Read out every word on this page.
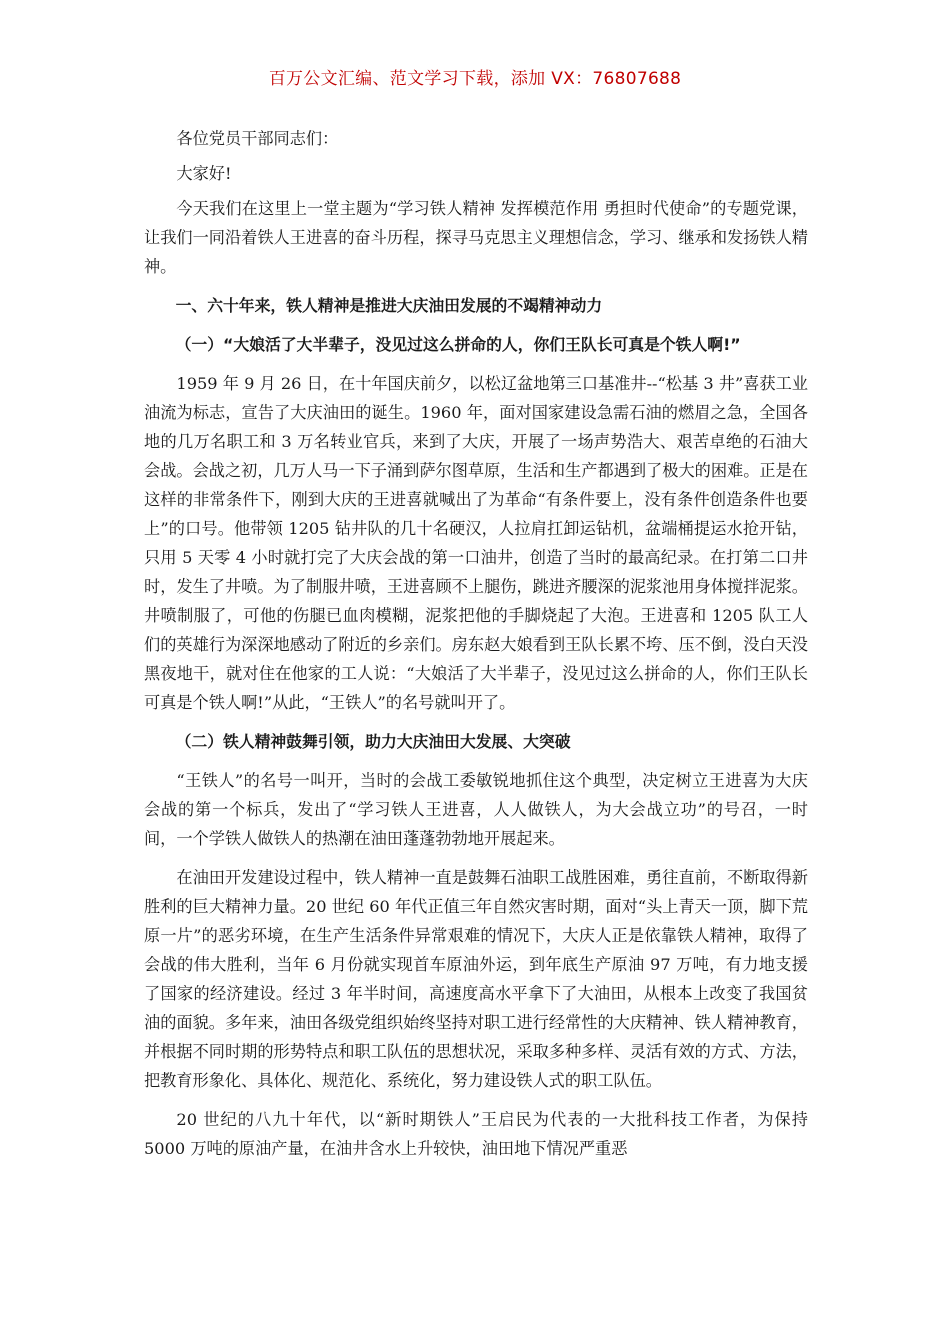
百万公文汇编、范文学习下载，添加 VX：76807688

各位党员干部同志们：

大家好!

今天我们在这里上一堂主题为“学习铁人精神 发挥模范作用 勇担时代使命”的专题党课，让我们一同沿着铁人王进喜的奋斗历程，探寻马克思主义理想信念，学习、继承和发扬铁人精神。

一、六十年来，铁人精神是推进大庆油田发展的不竭精神动力

（一）“大娘活了大半辈子，没见过这么拼命的人，你们王队长可真是个铁人啊!”

1959 年 9 月 26 日，在十年国庆前夕，以松辽盆地第三口基准井--“松基 3 井”喜获工业油流为标志，宣告了大庆油田的诞生。1960 年，面对国家建设急需石油的燃眉之急，全国各地的几万名职工和 3 万名转业官兵，来到了大庆，开展了一场声势浩大、艰苦卓绝的石油大会战。会战之初，几万人马一下子涌到萨尔图草原，生活和生产都遇到了极大的困难。正是在这样的非常条件下，刚到大庆的王进喜就喊出了为革命“有条件要上，没有条件创造条件也要上”的口号。他带领 1205 钻井队的几十名硬汉，人拉肩扛卸运钻机，盆端桶提运水抢开钻，只用 5 天零 4 小时就打完了大庆会战的第一口油井，创造了当时的最高纪录。在打第二口井时，发生了井喷。为了制服井喷，王进喜顾不上腿伤，跳进齐腰深的泥浆池用身体搅拌泥浆。井喷制服了，可他的伤腿已血肉模糊，泥浆把他的手脚烧起了大泡。王进喜和 1205 队工人们的英雄行为深深地感动了附近的乡亲们。房东赵大娘看到王队长累不垮、压不倒，没白天没黑夜地干，就对住在他家的工人说：“大娘活了大半辈子，没见过这么拼命的人，你们王队长可真是个铁人啊!”从此，“王铁人”的名号就叫开了。

（二）铁人精神鼓舞引领，助力大庆油田大发展、大突破

“王铁人”的名号一叫开，当时的会战工委敏锐地抓住这个典型，决定树立王进喜为大庆会战的第一个标兵，发出了“学习铁人王进喜，人人做铁人，为大会战立功”的号召，一时间，一个学铁人做铁人的热潮在油田蓬蓬勃勃地开展起来。

在油田开发建设过程中，铁人精神一直是鼓舞石油职工战胜困难，勇往直前，不断取得新胜利的巨大精神力量。20 世纪 60 年代正值三年自然灾害时期，面对“头上青天一顶，脚下荒原一片”的恶劣环境，在生产生活条件异常艰难的情况下，大庆人正是依靠铁人精神，取得了会战的伟大胜利，当年 6 月份就实现首车原油外运，到年底生产原油 97 万吨，有力地支援了国家的经济建设。经过 3 年半时间，高速度高水平拿下了大油田，从根本上改变了我国贫油的面貌。多年来，油田各级党组织始终坚持对职工进行经常性的大庆精神、铁人精神教育，并根据不同时期的形势特点和职工队伍的思想状况，采取多种多样、灵活有效的方式、方法，把教育形象化、具体化、规范化、系统化，努力建设铁人式的职工队伍。

20 世纪的八九十年代，以“新时期铁人”王启民为代表的一大批科技工作者，为保持 5000 万吨的原油产量，在油井含水上升较快，油田地下情况严重恶
